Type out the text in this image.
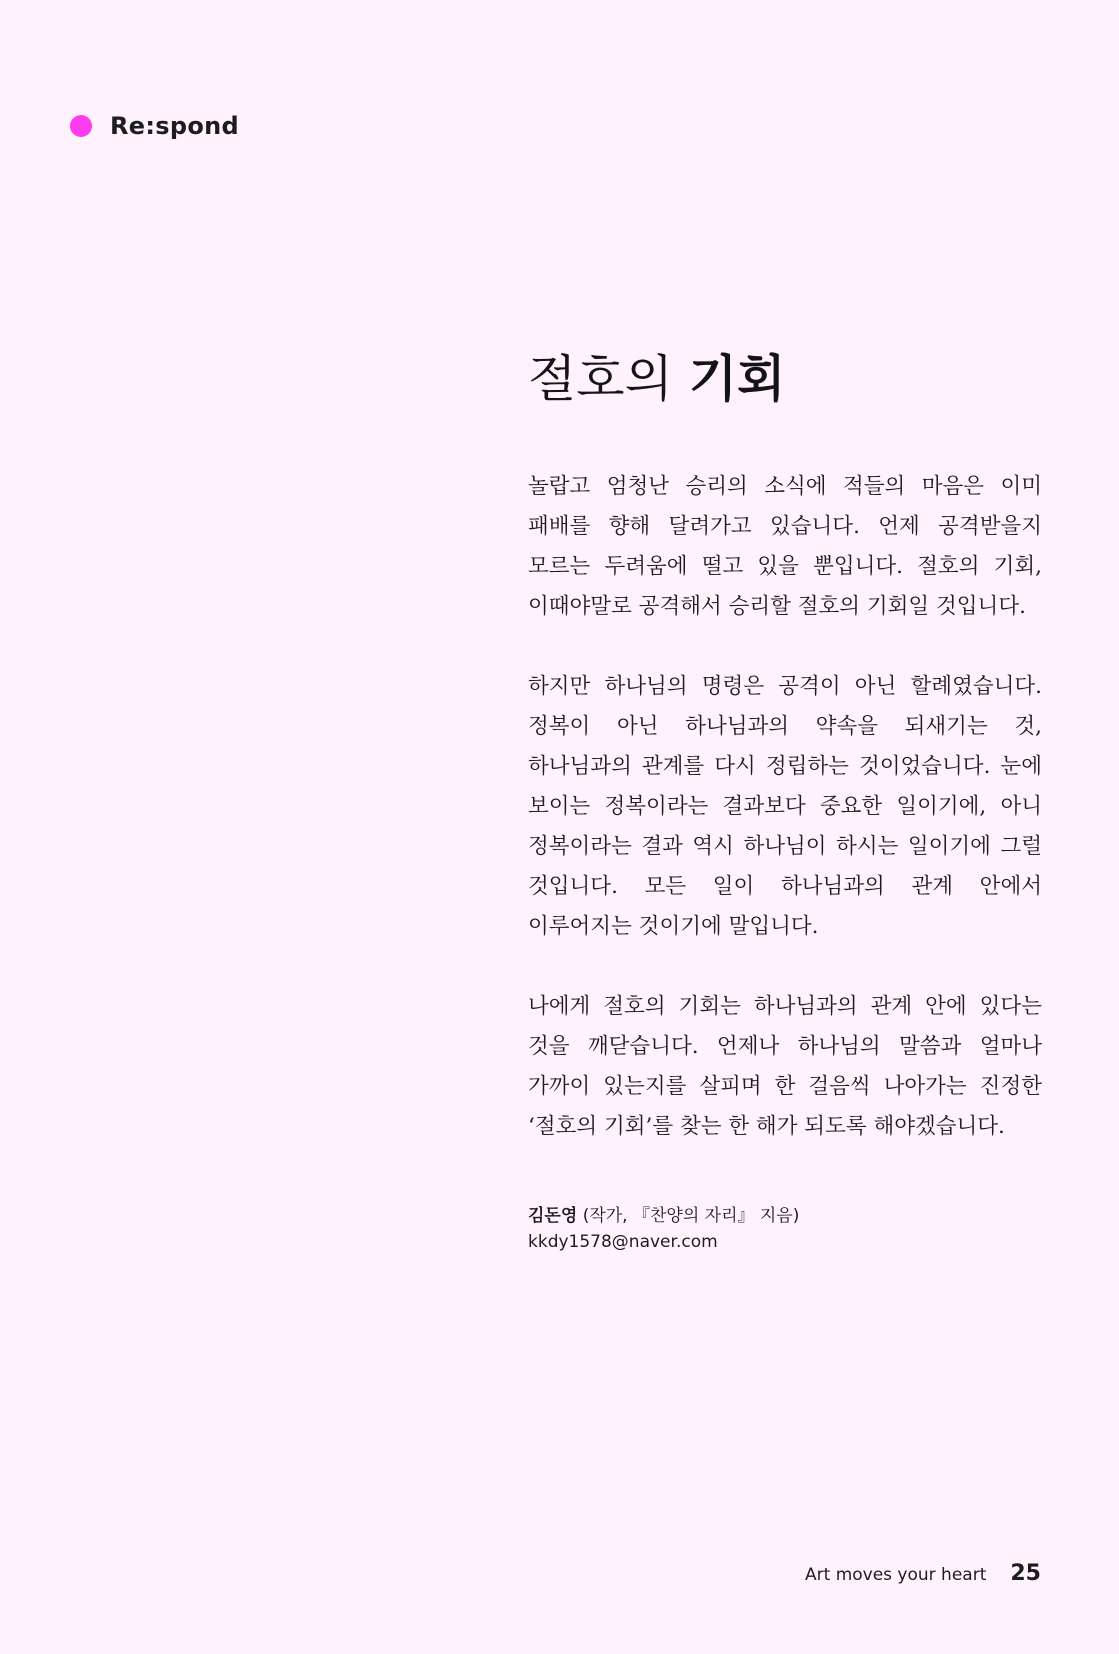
Re:spond
절호의 기회

놀랍고 엄청난 승리의 소식에 적들의 마음은 이미 패배를 향해 달려가고 있습니다. 언제 공격받을지 모르는 두려움에 떨고 있을 뿐입니다. 절호의 기회, 이때야말로 공격해서 승리할 절호의 기회일 것입니다.

하지만 하나님의 명령은 공격이 아닌 할례였습니다. 정복이 아닌 하나님과의 약속을 되새기는 것, 하나님과의 관계를 다시 정립하는 것이었습니다. 눈에 보이는 정복이라는 결과보다 중요한 일이기에, 아니 정복이라는 결과 역시 하나님이 하시는 일이기에 그럴 것입니다. 모든 일이 하나님과의 관계 안에서 이루어지는 것이기에 말입니다.

나에게 절호의 기회는 하나님과의 관계 안에 있다는 것을 깨닫습니다. 언제나 하나님의 말씀과 얼마나 가까이 있는지를 살피며 한 걸음씩 나아가는 진정한 ‘절호의 기회’를 찾는 한 해가 되도록 해야겠습니다.

김돈영 (작가, 『찬양의 자리』 지음)
kkdy1578@naver.com
Art moves your heart 25
